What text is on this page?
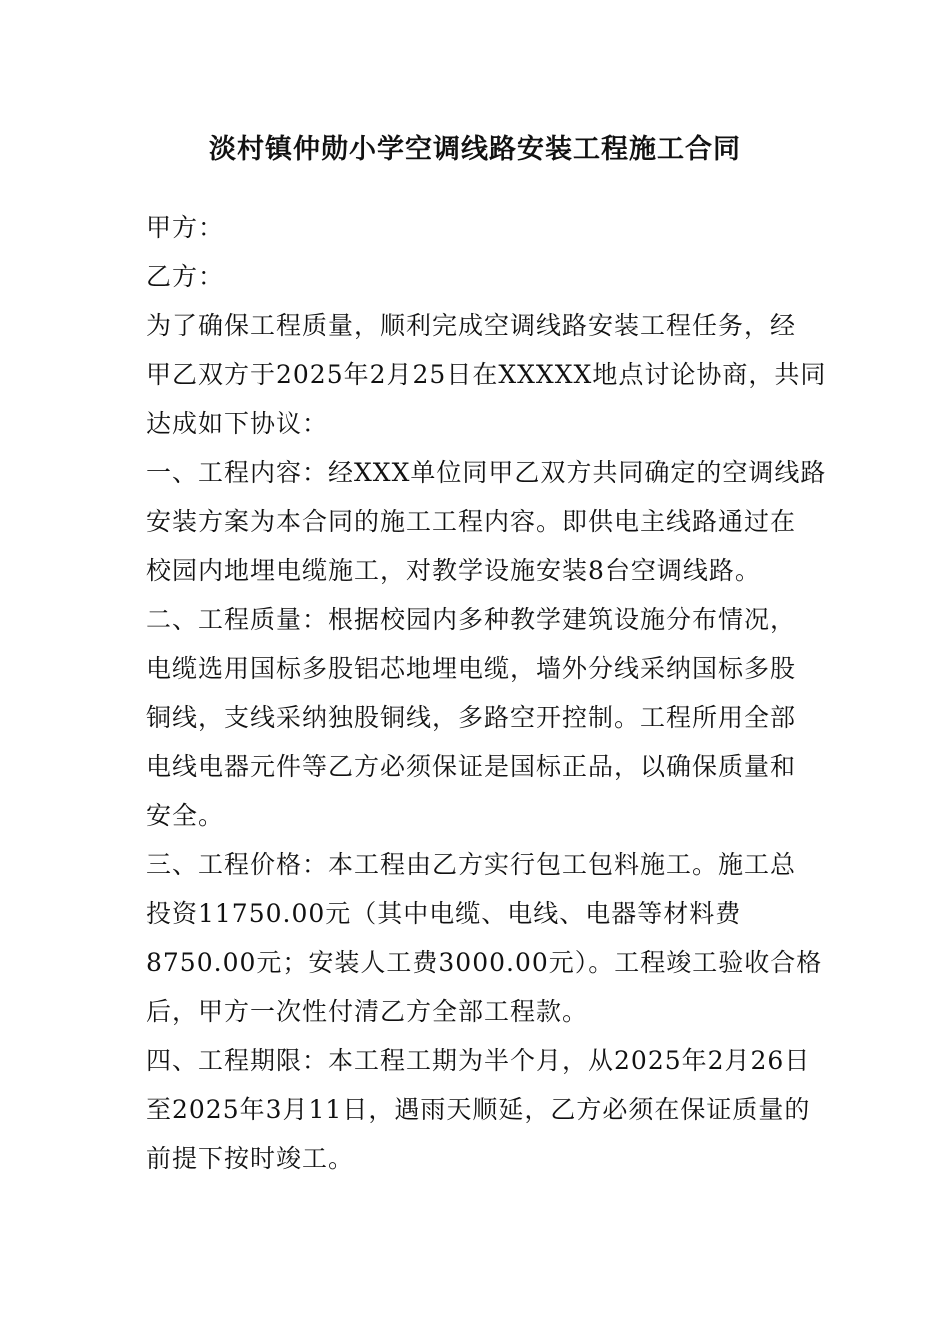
淡村镇仲勋小学空调线路安装工程施工合同
甲方：
乙方：
为了确保工程质量，顺利完成空调线路安装工程任务，经
甲乙双方于2025年2月25日在XXXXX地点讨论协商，共同
达成如下协议：
一、工程内容：经XXX单位同甲乙双方共同确定的空调线路
安装方案为本合同的施工工程内容。即供电主线路通过在
校园内地埋电缆施工，对教学设施安装8台空调线路。
二、工程质量：根据校园内多种教学建筑设施分布情况，
电缆选用国标多股铝芯地埋电缆，墙外分线采纳国标多股
铜线，支线采纳独股铜线，多路空开控制。工程所用全部
电线电器元件等乙方必须保证是国标正品，以确保质量和
安全。
三、工程价格：本工程由乙方实行包工包料施工。施工总
投资11750.00元（其中电缆、电线、电器等材料费
8750.00元；安装人工费3000.00元）。工程竣工验收合格
后，甲方一次性付清乙方全部工程款。
四、工程期限：本工程工期为半个月，从2025年2月26日
至2025年3月11日，遇雨天顺延，乙方必须在保证质量的
前提下按时竣工。
